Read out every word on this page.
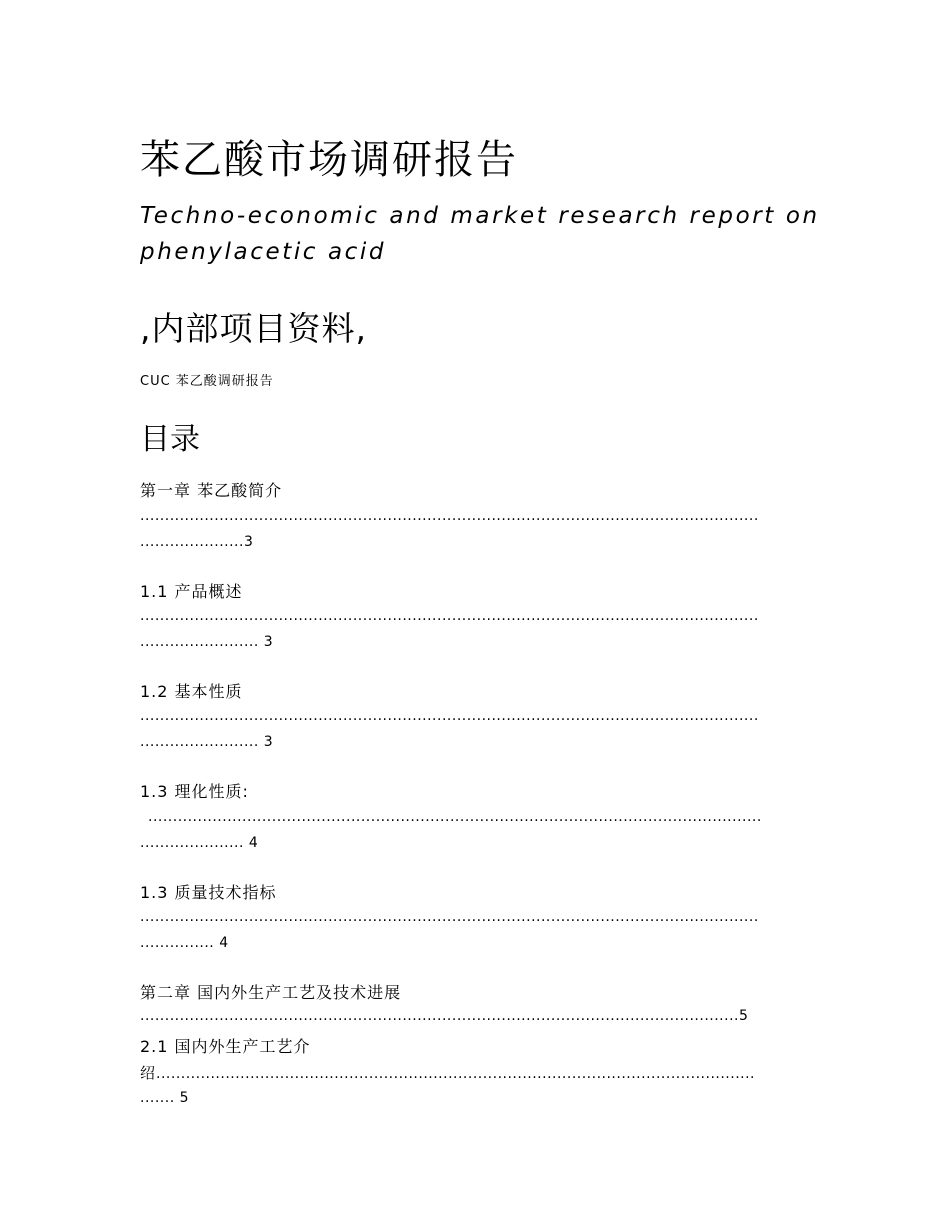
苯乙酸市场调研报告
Techno-economic and market research report on
phenylacetic acid
,内部项目资料,
CUC 苯乙酸调研报告
目录
第一章 苯乙酸简介
.............................................................................................................................
.....................3
1.1 产品概述
.............................................................................................................................
........................ 3
1.2 基本性质
.............................................................................................................................
........................ 3
1.3 理化性质:
............................................................................................................................
..................... 4
1.3 质量技术指标
.............................................................................................................................
............... 4
第二章 国内外生产工艺及技术进展
.........................................................................................................................5
2.1 国内外生产工艺介
绍.........................................................................................................................
....... 5
